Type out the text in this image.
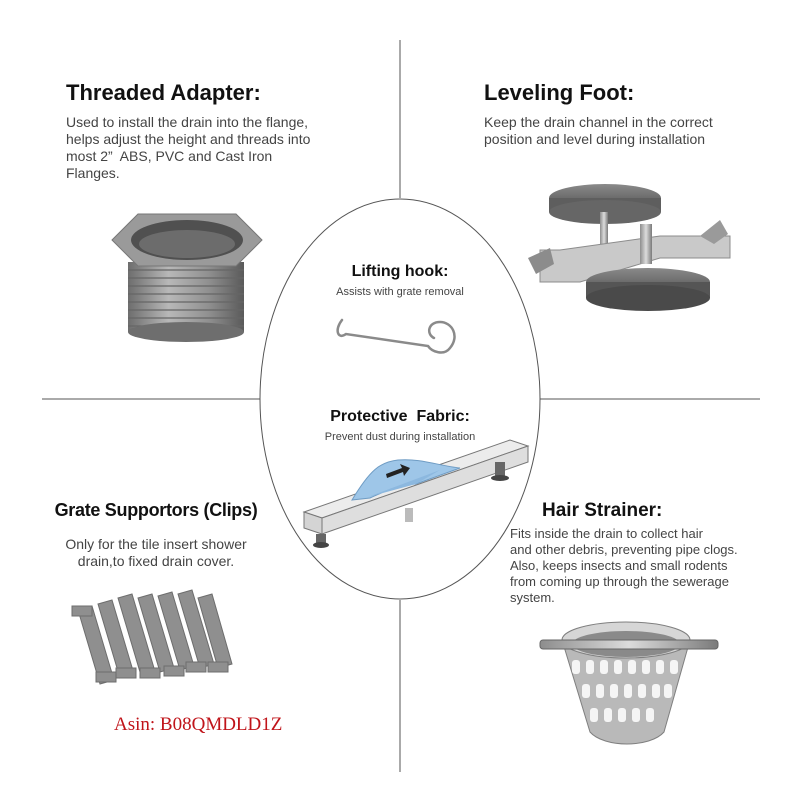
Threaded Adapter:
Used to install the drain into the flange,
helps adjust the height and threads into
most 2”  ABS, PVC and Cast Iron
Flanges.
Leveling Foot:
Keep the drain channel in the correct
position and level during installation
Lifting hook:
Assists with grate removal
Protective  Fabric:
Prevent dust during installation
Grate Supportors (Clips)
Only for the tile insert shower
drain,to fixed drain cover.
Hair Strainer:
Fits inside the drain to collect hair
and other debris, preventing pipe clogs.
Also, keeps insects and small rodents
from coming up through the sewerage
system.
Asin: B08QMDLD1Z
